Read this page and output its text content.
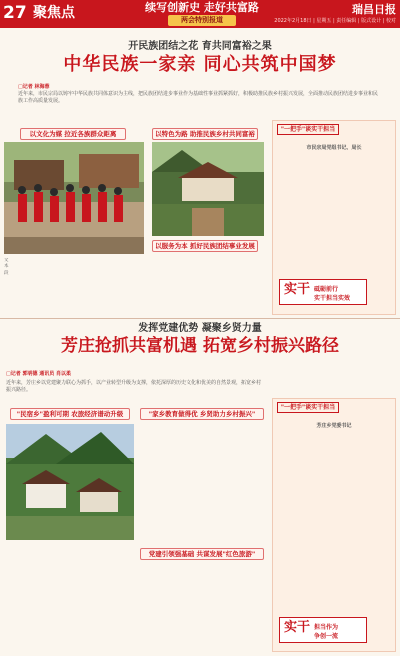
27 聚焦点	续写创新史 走好共富路
两会特别报道
瑞昌日报
2022年2月18日 | 星期五 | 责任编辑 | 版式设计 | 校对
开民族团结之花 育共同富裕之果
中华民族一家亲 同心共筑中国梦
□记者 林海蓉
近年来，市民宗局以铸牢中华民族共同体意识为主线，把民族团结进步事业作为基础性事业抓紧抓好，积极助推民族乡村振兴发展，全面推动民族团结进步事业和民族工作高质量发展。
以文化为媒 拉近各族群众距离	以特色为路 助推民族乡村共同富裕
以服务为本 抓好民族团结事业发展
文
本
段
"一把手"谈实干担当
市民宗局党组书记、局长
实干 砥砺前行
实干担当实效
发挥党建优势 凝聚乡贤力量
芳庄抢抓共富机遇 拓宽乡村振兴路径
□记者 郭明德 通讯员 肖以柔
近年来，芳庄乡以党建聚力联心为抓手，以产业转型升级为支撑，依托深厚的历史文化和优美的自然景观，拓宽乡村振兴路径。
"民宿乡"盈利可期 农旅经济谱动升级	"家乡教育做得优 乡贤助力乡村振兴"
党建引领强基础 共谋发展"红色旅游"
"一把手"谈实干担当
芳庄乡党委书记
实干 担当作为
争创一流
